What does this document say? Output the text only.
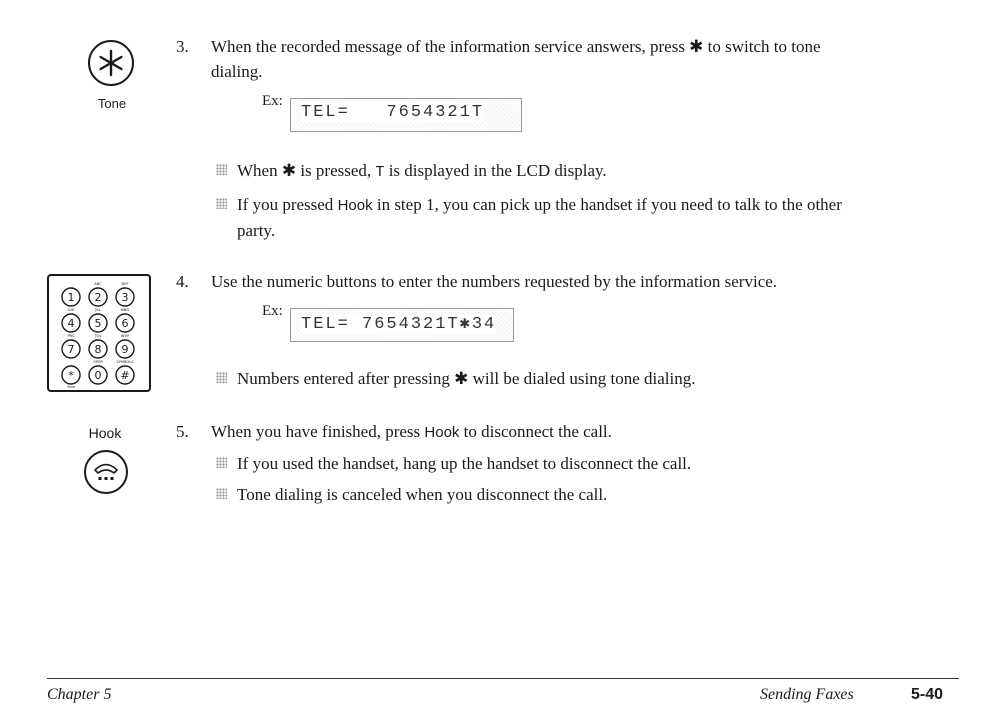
Tone
3. When the recorded message of the information service answers, press ✱ to switch to tone
dialing.
Ex:
TEL=   7654321T
When ✱ is pressed, T is displayed in the LCD display.
If you pressed Hook in step 1, you can pick up the handset if you need to talk to the other
party.
1 2 3
4 5 6
7 8 9
* 0 #
ABC	DEF
GHI	JKL	MNO
PRS	TUV	WXY
OPER	SYMBOLS
Tone
4. Use the numeric buttons to enter the numbers requested by the information service.
Ex:
TEL= 7654321T✱34
Numbers entered after pressing ✱ will be dialed using tone dialing.
Hook	5. When you have finished, press Hook to disconnect the call.
If you used the handset, hang up the handset to disconnect the call.
Tone dialing is canceled when you disconnect the call.
Chapter 5	Sending Faxes	5-40
